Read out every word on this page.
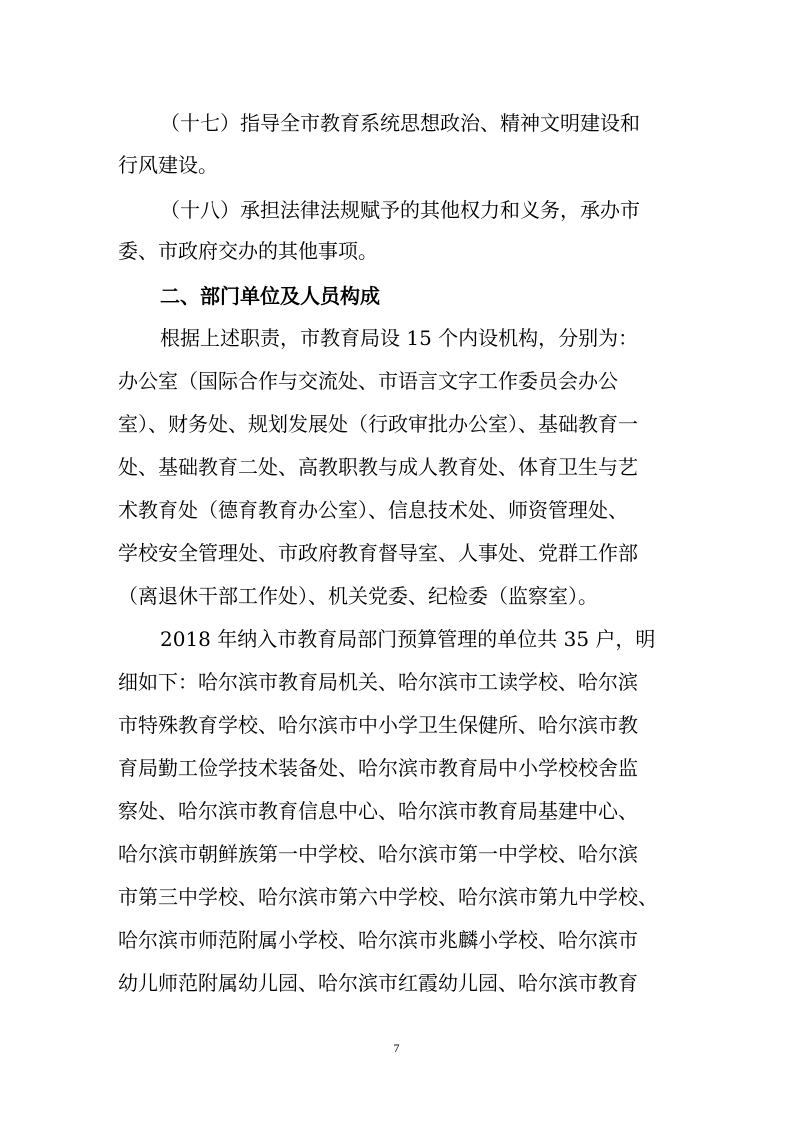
（十七）指导全市教育系统思想政治、精神文明建设和
行风建设。
（十八）承担法律法规赋予的其他权力和义务，承办市
委、市政府交办的其他事项。
二、部门单位及人员构成
根据上述职责，市教育局设 15 个内设机构，分别为：
办公室（国际合作与交流处、市语言文字工作委员会办公
室）、财务处、规划发展处（行政审批办公室）、基础教育一
处、基础教育二处、高教职教与成人教育处、体育卫生与艺
术教育处（德育教育办公室）、信息技术处、师资管理处、
学校安全管理处、市政府教育督导室、人事处、党群工作部
（离退休干部工作处）、机关党委、纪检委（监察室）。
2018 年纳入市教育局部门预算管理的单位共 35 户，明
细如下：哈尔滨市教育局机关、哈尔滨市工读学校、哈尔滨
市特殊教育学校、哈尔滨市中小学卫生保健所、哈尔滨市教
育局勤工俭学技术装备处、哈尔滨市教育局中小学校校舍监
察处、哈尔滨市教育信息中心、哈尔滨市教育局基建中心、
哈尔滨市朝鲜族第一中学校、哈尔滨市第一中学校、哈尔滨
市第三中学校、哈尔滨市第六中学校、哈尔滨市第九中学校、
哈尔滨市师范附属小学校、哈尔滨市兆麟小学校、哈尔滨市
幼儿师范附属幼儿园、哈尔滨市红霞幼儿园、哈尔滨市教育
7
